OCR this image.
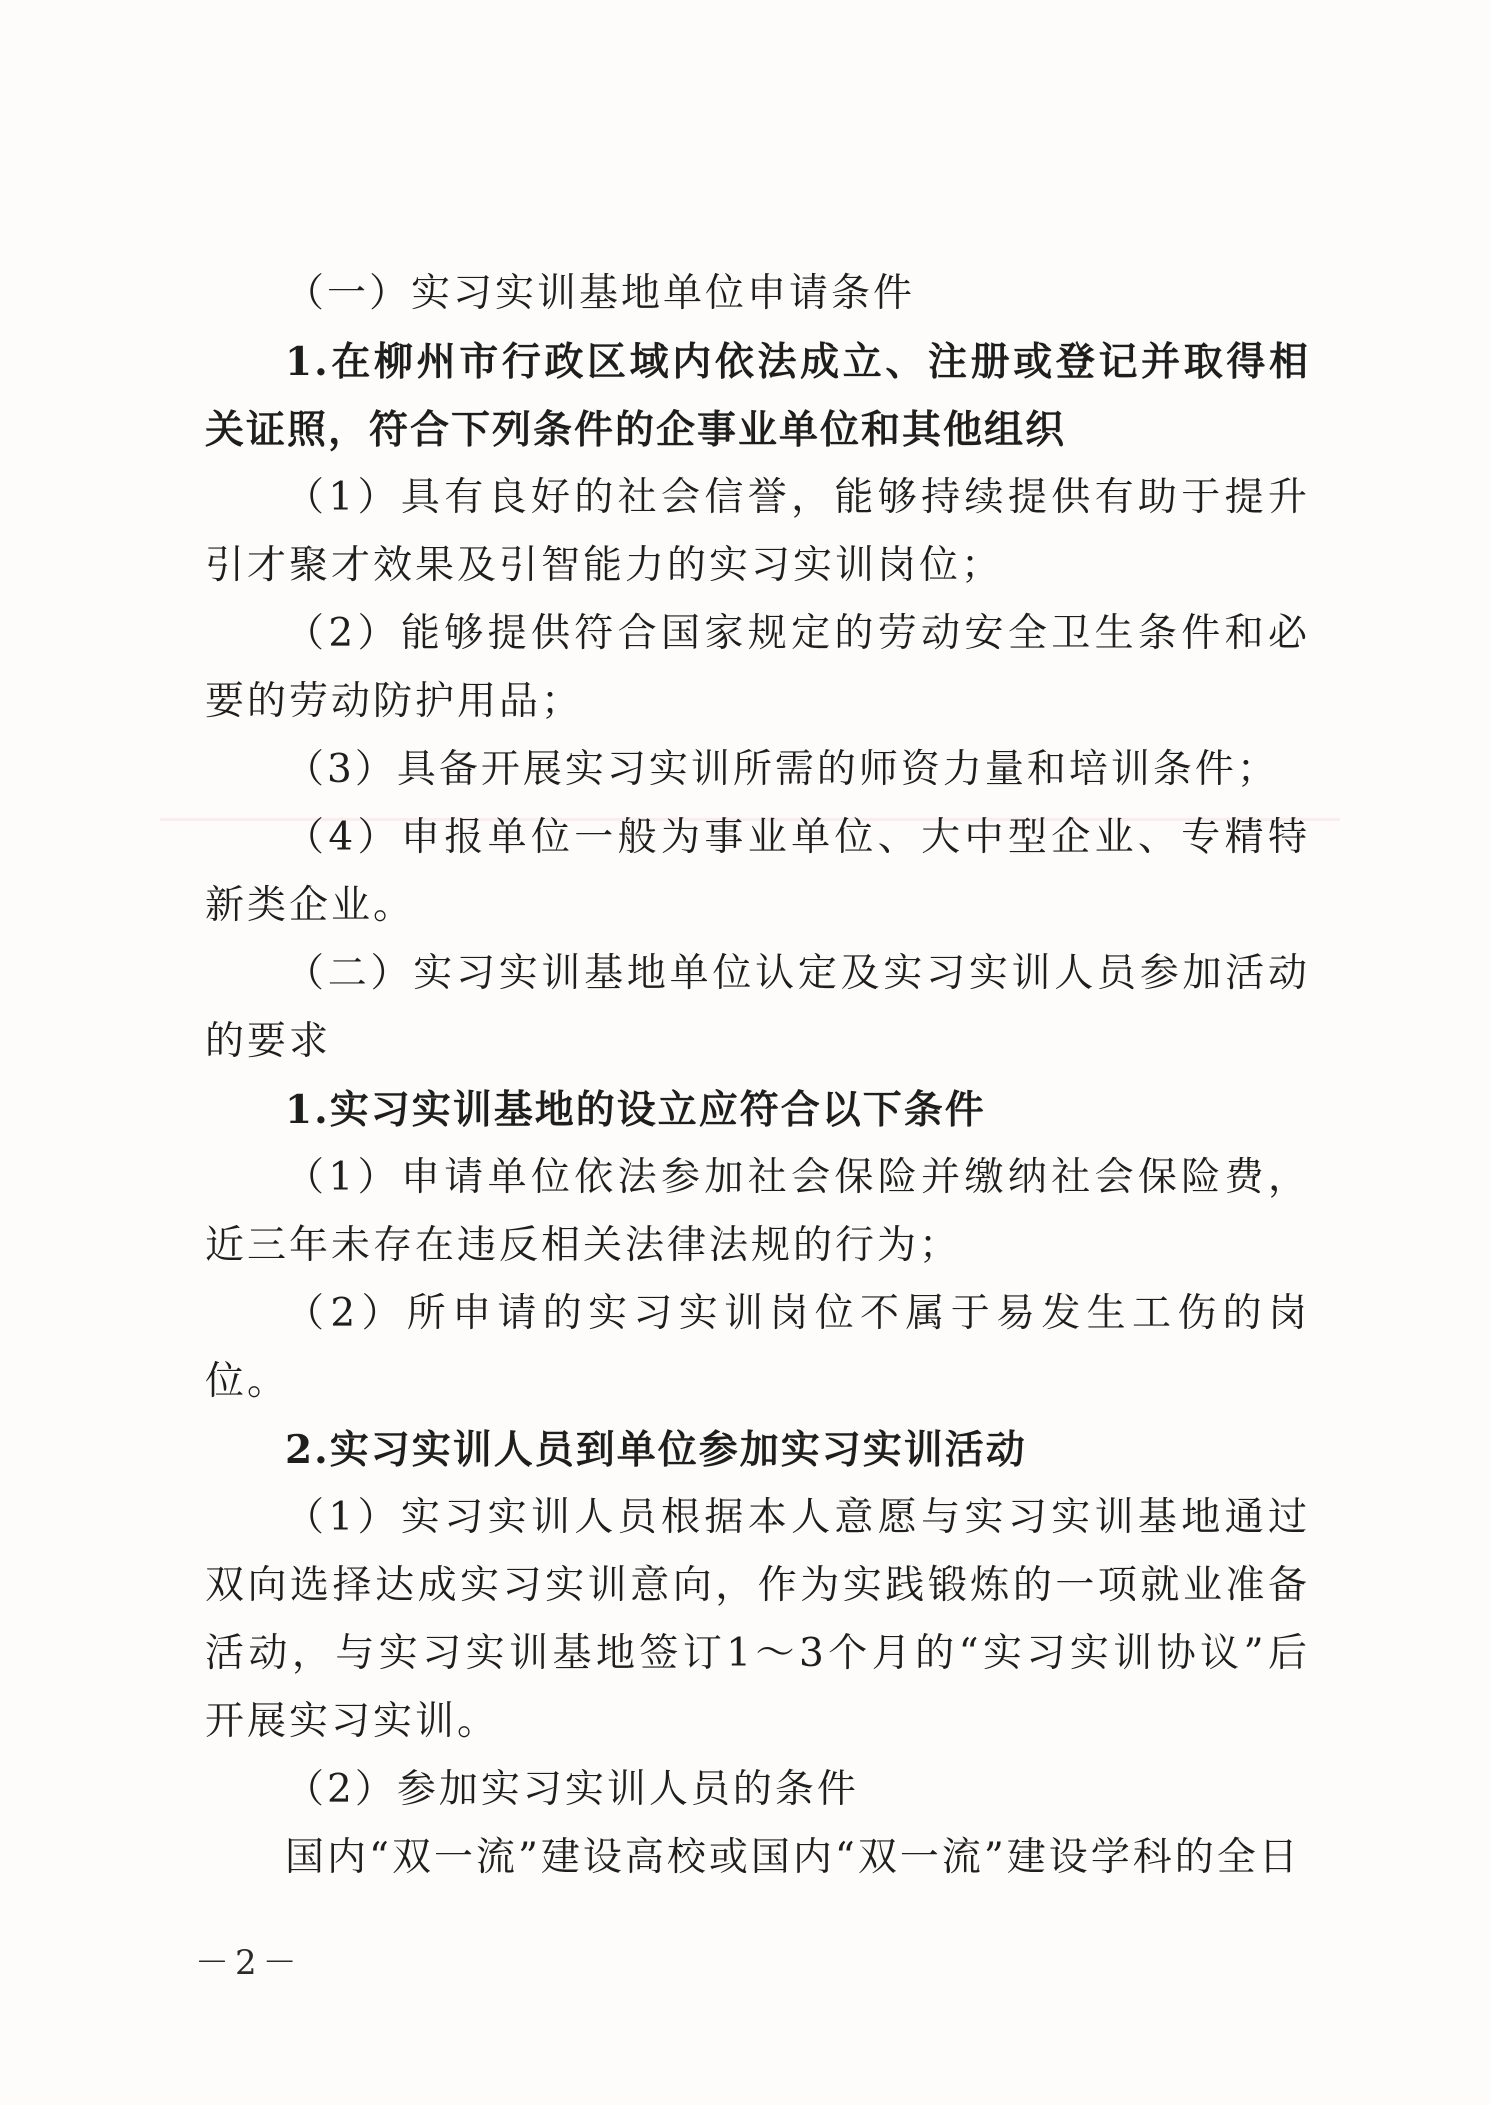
（一）实习实训基地单位申请条件

1.在柳州市行政区域内依法成立、注册或登记并取得相关证照，符合下列条件的企事业单位和其他组织

（1）具有良好的社会信誉，能够持续提供有助于提升引才聚才效果及引智能力的实习实训岗位；

（2）能够提供符合国家规定的劳动安全卫生条件和必要的劳动防护用品；

（3）具备开展实习实训所需的师资力量和培训条件；

（4）申报单位一般为事业单位、大中型企业、专精特新类企业。

（二）实习实训基地单位认定及实习实训人员参加活动的要求

1.实习实训基地的设立应符合以下条件

（1）申请单位依法参加社会保险并缴纳社会保险费，近三年未存在违反相关法律法规的行为；

（2）所申请的实习实训岗位不属于易发生工伤的岗位。

2.实习实训人员到单位参加实习实训活动

（1）实习实训人员根据本人意愿与实习实训基地通过双向选择达成实习实训意向，作为实践锻炼的一项就业准备活动，与实习实训基地签订1～3个月的“实习实训协议”后开展实习实训。

（2）参加实习实训人员的条件

国内“双一流”建设高校或国内“双一流”建设学科的全日

－2－
